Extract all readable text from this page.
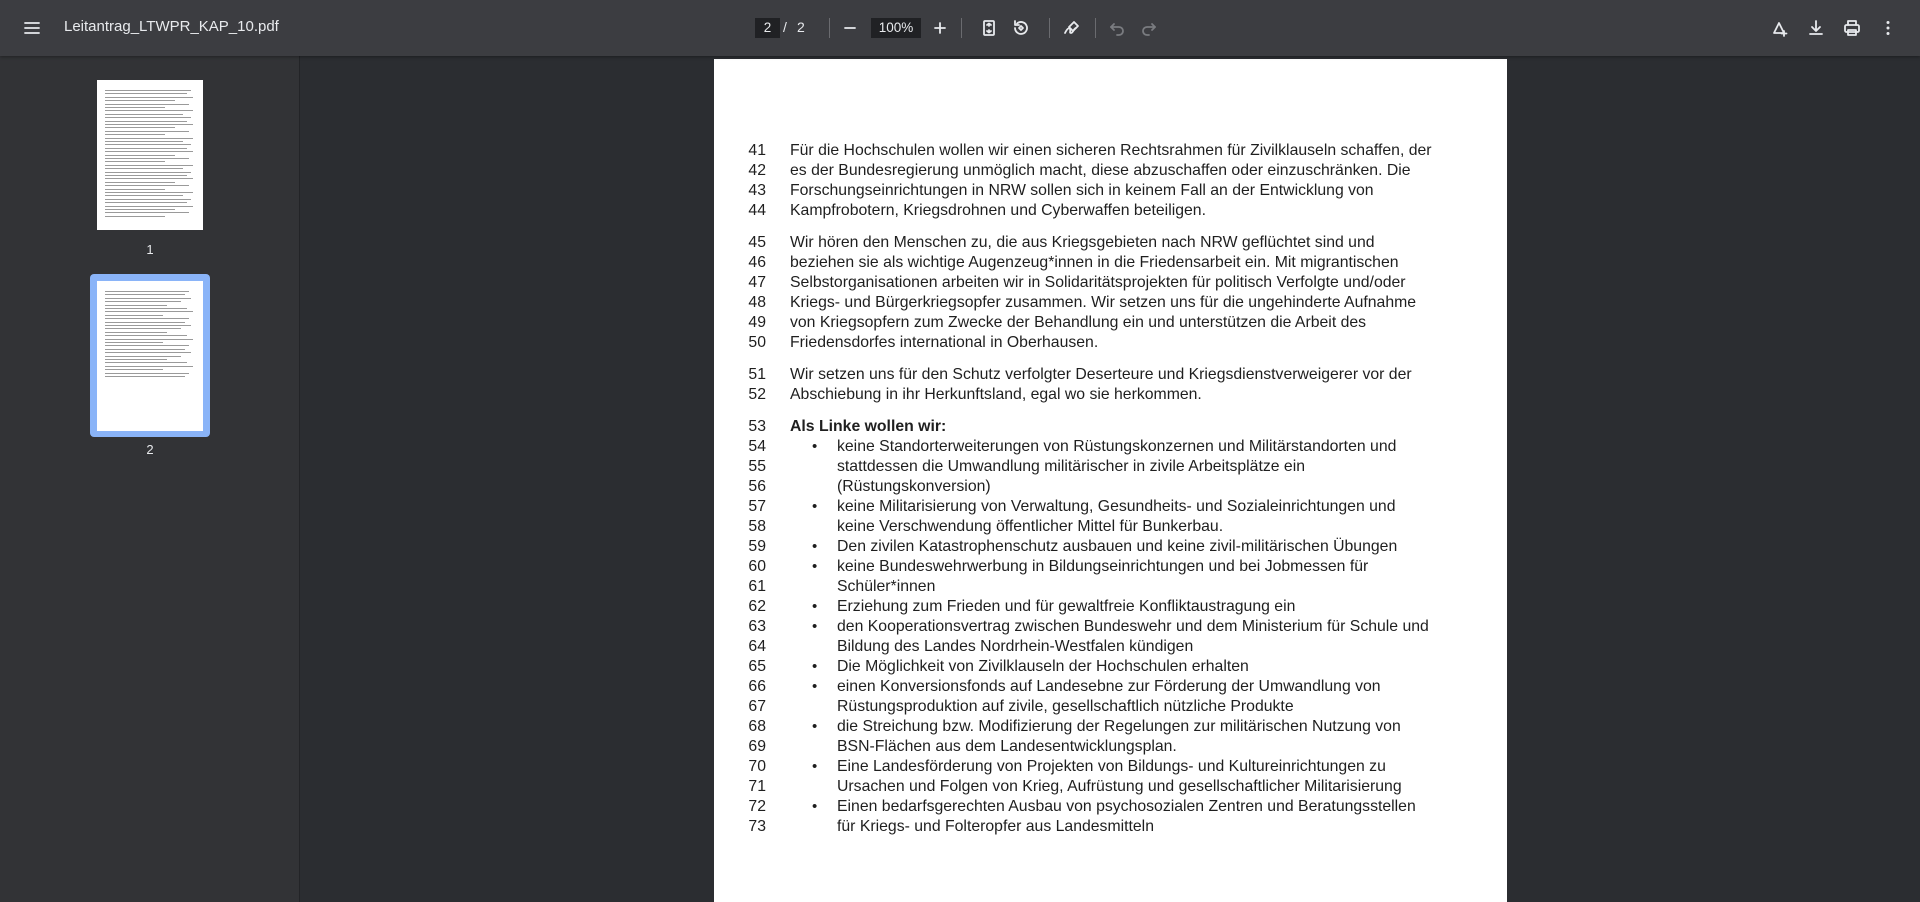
Leitantrag_LTWPR_KAP_10.pdf	2 / 2	100%
1
2
41 Für die Hochschulen wollen wir einen sicheren Rechtsrahmen für Zivilklauseln schaffen, der
42 es der Bundesregierung unmöglich macht, diese abzuschaffen oder einzuschränken. Die
43 Forschungseinrichtungen in NRW sollen sich in keinem Fall an der Entwicklung von
44 Kampfrobotern, Kriegsdrohnen und Cyberwaffen beteiligen.
45 Wir hören den Menschen zu, die aus Kriegsgebieten nach NRW geflüchtet sind und
46 beziehen sie als wichtige Augenzeug*innen in die Friedensarbeit ein. Mit migrantischen
47 Selbstorganisationen arbeiten wir in Solidaritätsprojekten für politisch Verfolgte und/oder
48 Kriegs- und Bürgerkriegsopfer zusammen. Wir setzen uns für die ungehinderte Aufnahme
49 von Kriegsopfern zum Zwecke der Behandlung ein und unterstützen die Arbeit des
50 Friedensdorfes international in Oberhausen.
51 Wir setzen uns für den Schutz verfolgter Deserteure und Kriegsdienstverweigerer vor der
52 Abschiebung in ihr Herkunftsland, egal wo sie herkommen.
53 Als Linke wollen wir:
54	• keine Standorterweiterungen von Rüstungskonzernen und Militärstandorten und
55	stattdessen die Umwandlung militärischer in zivile Arbeitsplätze ein
56	(Rüstungskonversion)
57	• keine Militarisierung von Verwaltung, Gesundheits- und Sozialeinrichtungen und
58	keine Verschwendung öffentlicher Mittel für Bunkerbau.
59	• Den zivilen Katastrophenschutz ausbauen und keine zivil-militärischen Übungen
60	• keine Bundeswehrwerbung in Bildungseinrichtungen und bei Jobmessen für
61	Schüler*innen
62	• Erziehung zum Frieden und für gewaltfreie Konfliktaustragung ein
63	• den Kooperationsvertrag zwischen Bundeswehr und dem Ministerium für Schule und
64	Bildung des Landes Nordrhein-Westfalen kündigen
65	• Die Möglichkeit von Zivilklauseln der Hochschulen erhalten
66	• einen Konversionsfonds auf Landesebne zur Förderung der Umwandlung von
67	Rüstungsproduktion auf zivile, gesellschaftlich nützliche Produkte
68	• die Streichung bzw. Modifizierung der Regelungen zur militärischen Nutzung von
69	BSN-Flächen aus dem Landesentwicklungsplan.
70	• Eine Landesförderung von Projekten von Bildungs- und Kultureinrichtungen zu
71	Ursachen und Folgen von Krieg, Aufrüstung und gesellschaftlicher Militarisierung
72	• Einen bedarfsgerechten Ausbau von psychosozialen Zentren und Beratungsstellen
73	für Kriegs- und Folteropfer aus Landesmitteln
